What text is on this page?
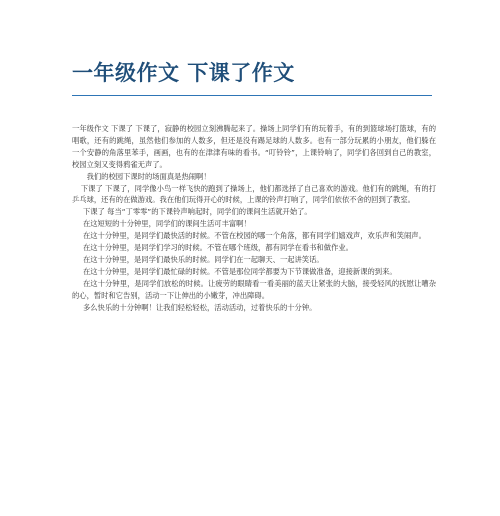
一年级作文 下课了作文

一年级作文 下课了 下课了，寂静的校园立刻沸腾起来了。操场上同学们有的玩着手，有的到篮球场打篮球，有的唱歌，还有的跳绳，虽然他们参加的人数多，但还是没有踢足球的人数多。也有一部分玩累的小朋友，他们躲在一个安静的角落里苯手，画画，也有的在津津有味的看书。“叮铃铃”，上课铃响了，同学们各回到自己的教室，校园立刻又变得鸦雀无声了。

我们的校园下课时的场面真是热闹啊！

下课了 下课了，同学像小鸟一样飞快的跑到了操场上，他们都选择了自己喜欢的游戏。他们有的跳绳，有的打乒乓球，还有的在做游戏。我在他们玩得开心的时候，上课的铃声打响了，同学们依依不舍的回到了教室。

下课了 每当“丁零零”的下课铃声响起时，同学们的课间生活就开始了。

在这短短的十分钟里，同学们的课间生活可丰富啊！

在这十分钟里，是同学们最快活的时候。不管在校园的哪一个角落，都有同学们嬉戏声，欢乐声和笑闹声。

在这十分钟里，是同学们学习的时候。不管在哪个班级，都有同学在看书和做作业。

在这十分钟里，是同学们最快乐的时候。同学们在一起聊天、一起讲笑话。

在这十分钟里，是同学们最忙碌的时候。不管是那位同学都要为下节课做准备，迎接新课的到来。

在这十分钟里，是同学们放松的时候。让疲劳的眼睛看一看美丽的蓝天让紧张的大脑，接受轻风的抚慰让嘈杂的心，暂时和它告别，活动一下让伸出的小嫩芽，冲出障碍。

多么快乐的十分钟啊！让我们轻松轻松，活动活动，过着快乐的十分钟。
